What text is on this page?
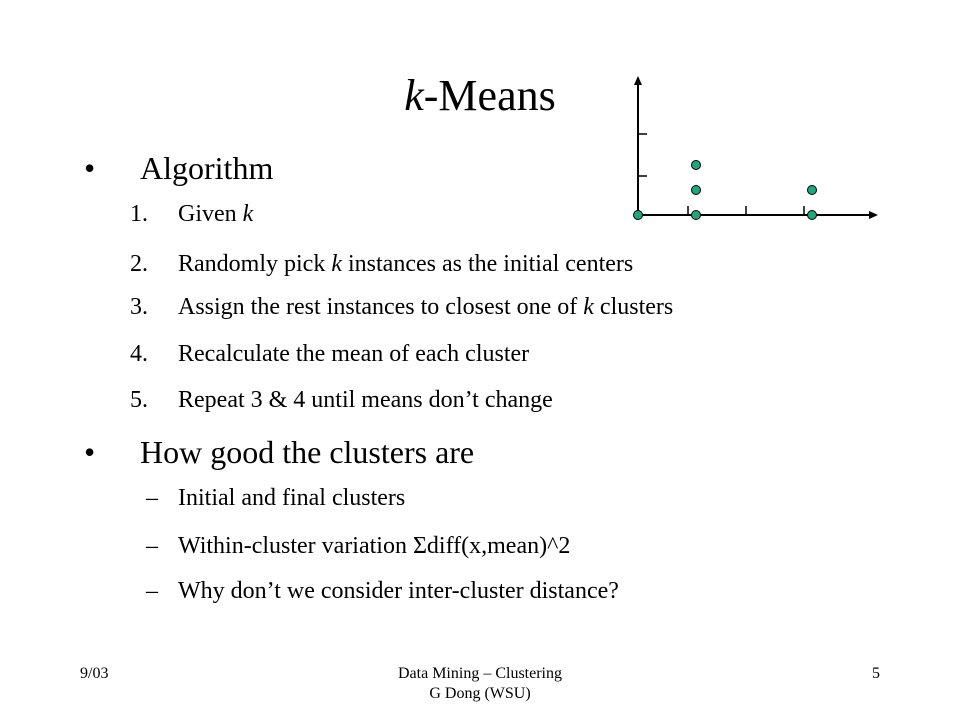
k-Means
•	Algorithm
1. Given k
2. Randomly pick k instances as the initial centers
3. Assign the rest instances to closest one of k clusters
4. Recalculate the mean of each cluster
5. Repeat 3 & 4 until means don’t change
•	How good the clusters are
– Initial and final clusters
– Within-cluster variation Σdiff(x,mean)^2
– Why don’t we consider inter-cluster distance?
9/03	Data Mining – Clustering
G Dong (WSU)
5
